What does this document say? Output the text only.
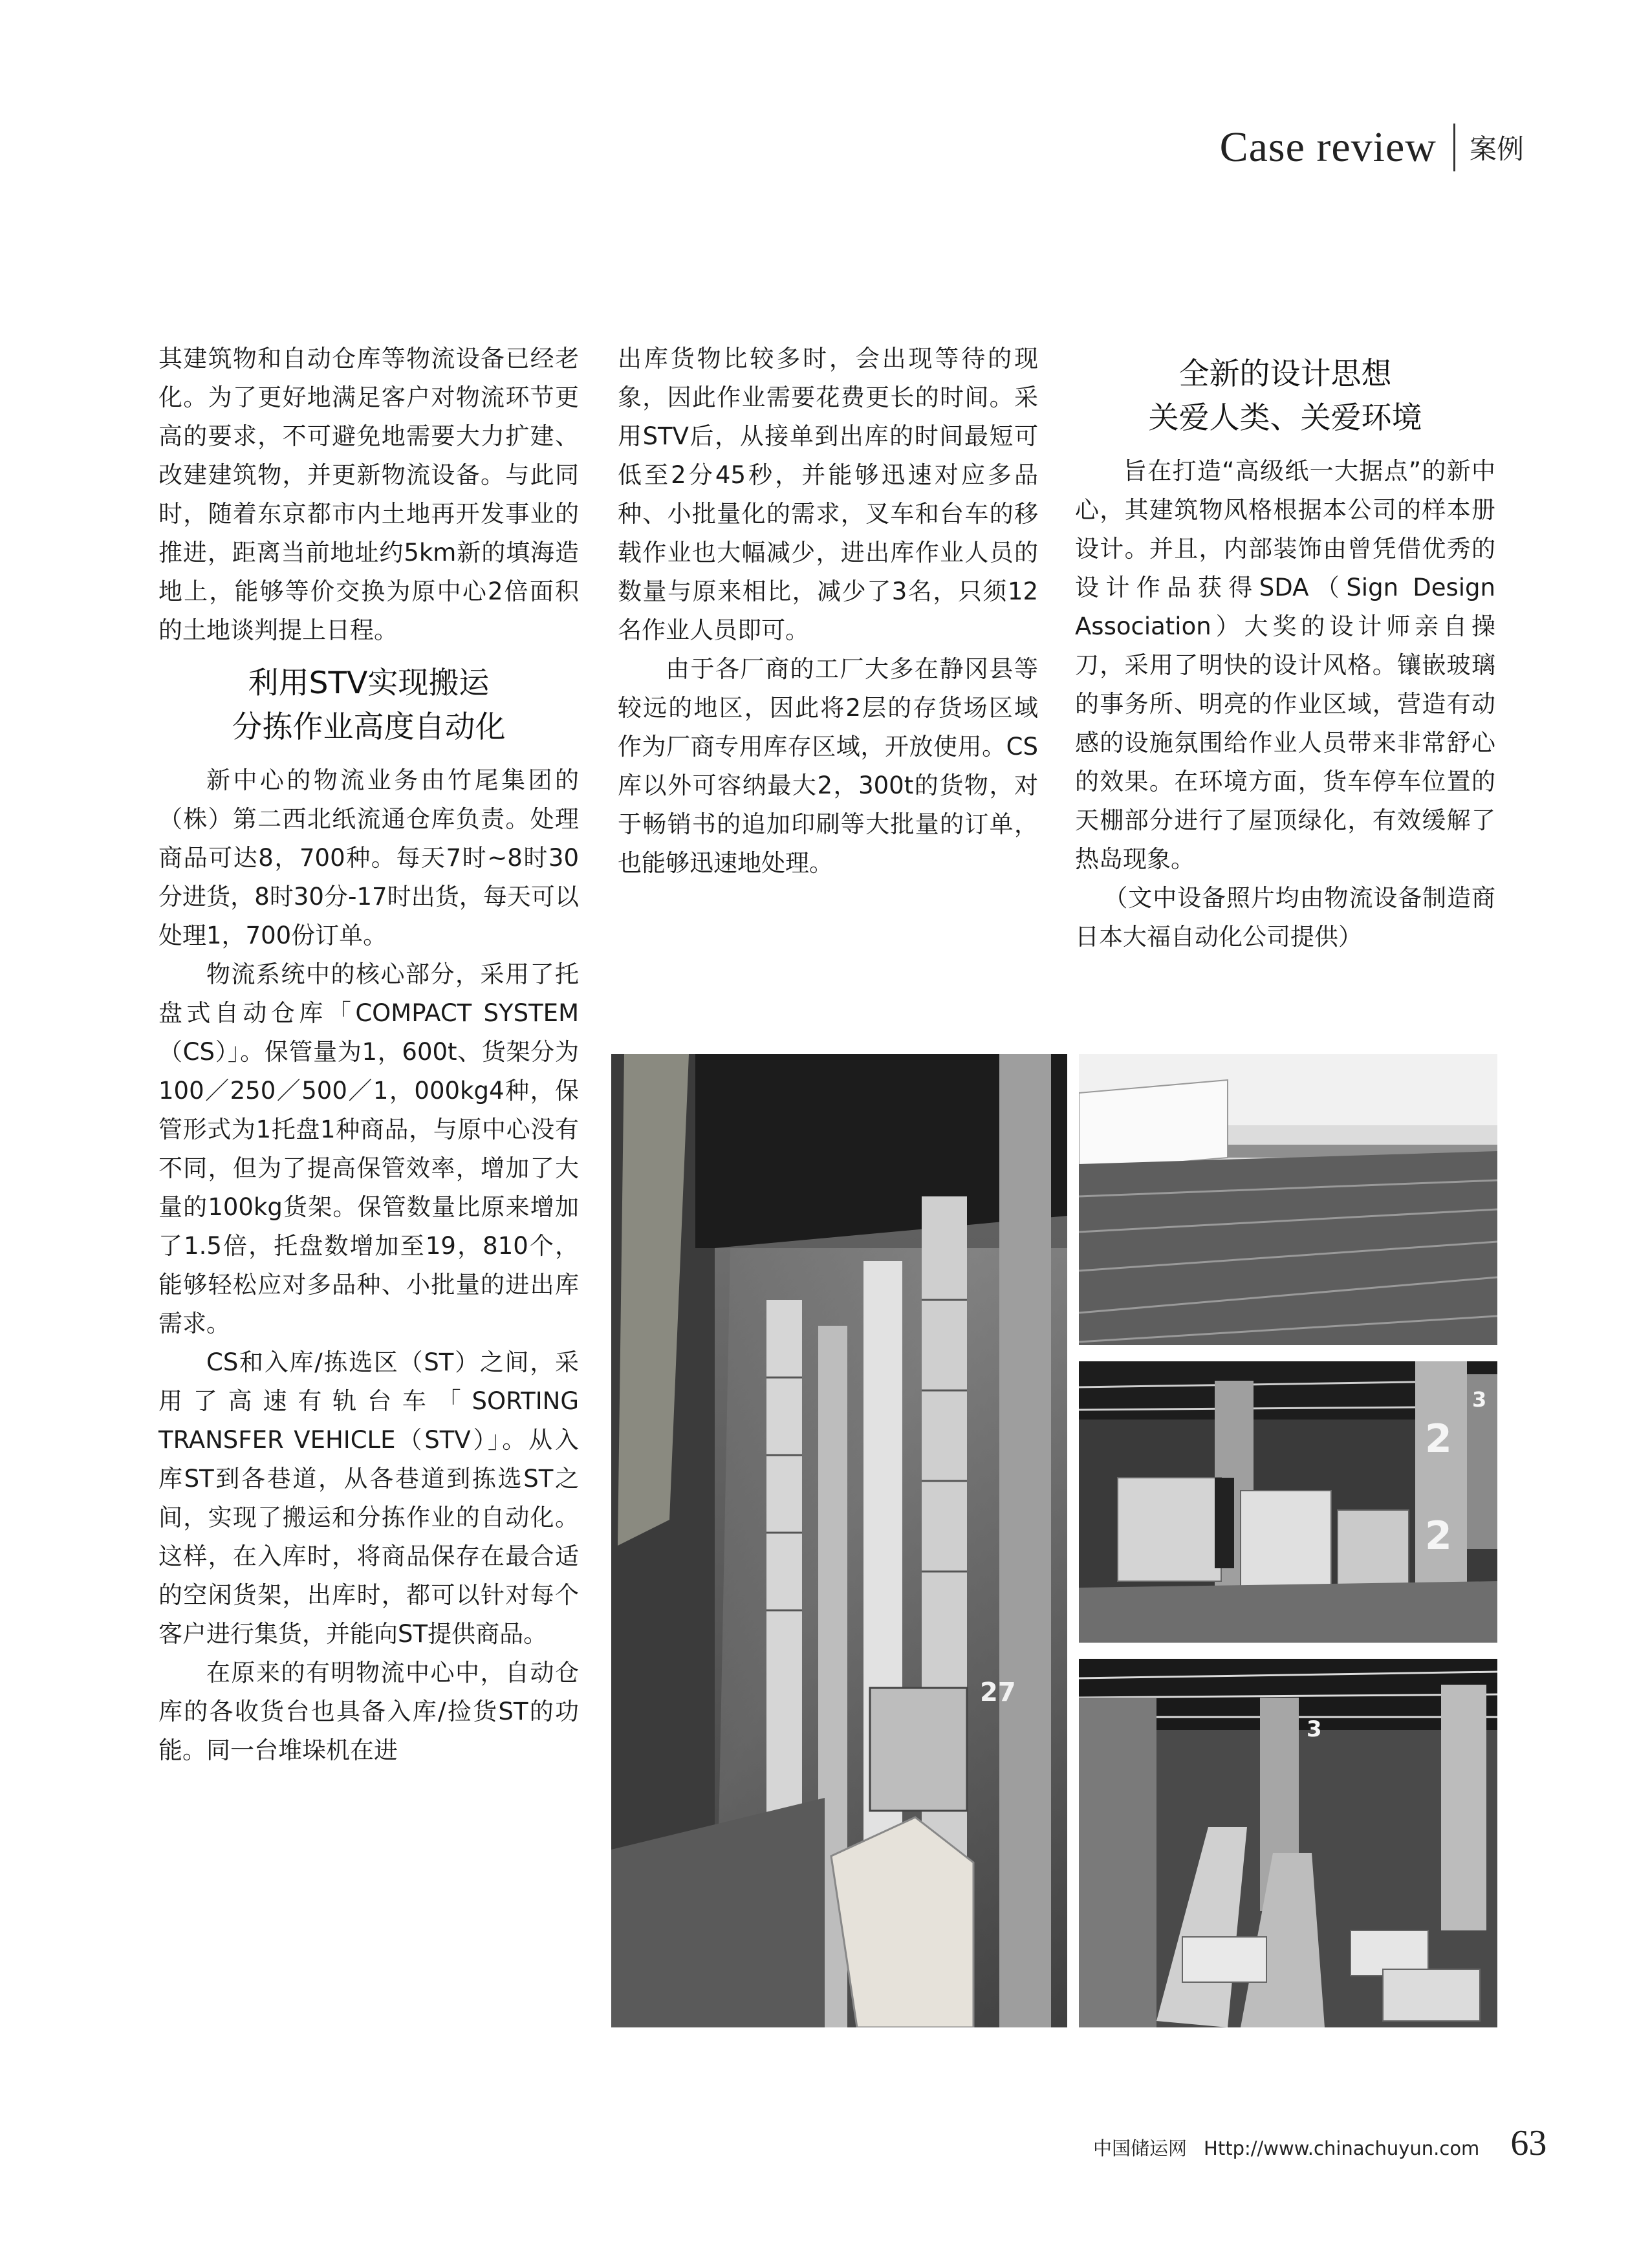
Case review 案例

其建筑物和自动仓库等物流设备已经老化。为了更好地满足客户对物流环节更高的要求，不可避免地需要大力扩建、改建建筑物，并更新物流设备。与此同时，随着东京都市内土地再开发事业的推进，距离当前地址约5km新的填海造地上，能够等价交换为原中心2倍面积的土地谈判提上日程。

利用STV实现搬运
分拣作业高度自动化

新中心的物流业务由竹尾集团的（株）第二西北纸流通仓库负责。处理商品可达8，700种。每天7时~8时30分进货，8时30分-17时出货，每天可以处理1，700份订单。

物流系统中的核心部分，采用了托盘式自动仓库「COMPACT SYSTEM（CS）」。保管量为1，600t、货架分为100／250／500／1，000kg4种，保管形式为1托盘1种商品，与原中心没有不同，但为了提高保管效率，增加了大量的100kg货架。保管数量比原来增加了1.5倍，托盘数增加至19，810个，能够轻松应对多品种、小批量的进出库需求。

CS和入库/拣选区（ST）之间，采用了高速有轨台车「SORTING TRANSFER VEHICLE（STV）」。从入库ST到各巷道，从各巷道到拣选ST之间，实现了搬运和分拣作业的自动化。这样，在入库时，将商品保存在最合适的空闲货架，出库时，都可以针对每个客户进行集货，并能向ST提供商品。

在原来的有明物流中心中，自动仓库的各收货台也具备入库/捡货ST的功能。同一台堆垛机在进

出库货物比较多时，会出现等待的现象，因此作业需要花费更长的时间。采用STV后，从接单到出库的时间最短可低至2分45秒，并能够迅速对应多品种、小批量化的需求，叉车和台车的移载作业也大幅减少，进出库作业人员的数量与原来相比，减少了3名，只须12名作业人员即可。

由于各厂商的工厂大多在静冈县等较远的地区，因此将2层的存货场区域作为厂商专用库存区域，开放使用。CS库以外可容纳最大2，300t的货物，对于畅销书的追加印刷等大批量的订单，也能够迅速地处理。

全新的设计思想
关爱人类、关爱环境

旨在打造“高级纸一大据点”的新中心，其建筑物风格根据本公司的样本册设计。并且，内部装饰由曾凭借优秀的设计作品获得SDA（Sign Design Association）大奖的设计师亲自操刀，采用了明快的设计风格。镶嵌玻璃的事务所、明亮的作业区域，营造有动感的设施氛围给作业人员带来非常舒心的效果。在环境方面，货车停车位置的天棚部分进行了屋顶绿化，有效缓解了热岛现象。

（文中设备照片均由物流设备制造商日本大福自动化公司提供）

27
2
3
2
3
中国储运网 Http://www.chinachuyun.com 63
